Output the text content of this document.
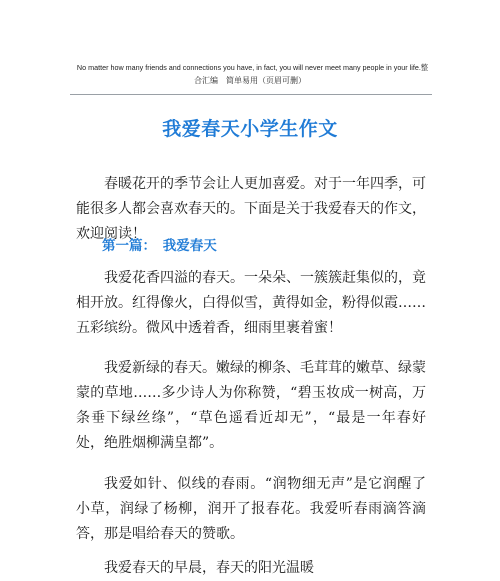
No matter how many friends and connections you have, in fact, you will never meet many people in your life.整
合汇编　简单易用（页眉可删）
我爱春天小学生作文

春暖花开的季节会让人更加喜爱。对于一年四季，可能很多人都会喜欢春天的。下面是关于我爱春天的作文，欢迎阅读！

第一篇：　我爱春天

我爱花香四溢的春天。一朵朵、一簇簇赶集似的，竟相开放。红得像火，白得似雪，黄得如金，粉得似霞……五彩缤纷。微风中透着香，细雨里裹着蜜！

我爱新绿的春天。嫩绿的柳条、毛茸茸的嫩草、绿蒙蒙的草地……多少诗人为你称赞，“碧玉妆成一树高，万条垂下绿丝绦”，“草色遥看近却无”，“最是一年春好处，绝胜烟柳满皇都”。

我爱如针、似线的春雨。“润物细无声”是它润醒了小草，润绿了杨柳，润开了报春花。我爱听春雨滴答滴答，那是唱给春天的赞歌。

我爱春天的早晨，春天的阳光温暖
